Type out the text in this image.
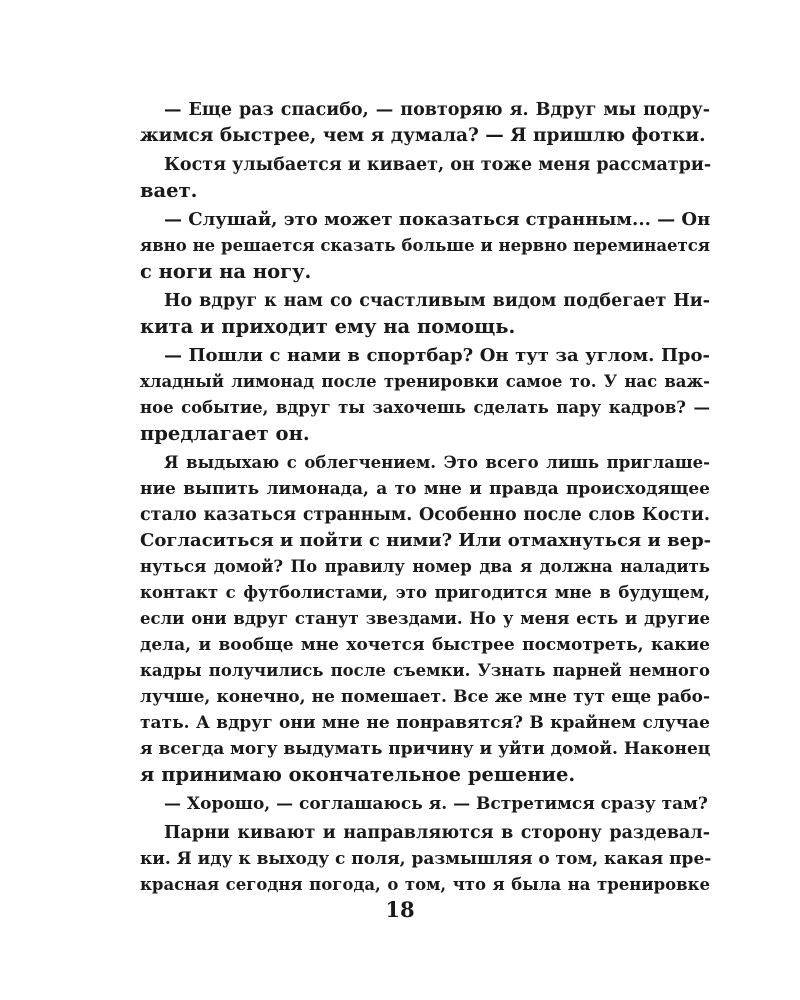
— Еще раз спасибо, — повторяю я. Вдруг мы подру-
жимся быстрее, чем я думала? — Я пришлю фотки.
Костя улыбается и кивает, он тоже меня рассматри-
вает.
— Слушай, это может показаться странным... — Он
явно не решается сказать больше и нервно переминается
с ноги на ногу.
Но вдруг к нам со счастливым видом подбегает Ни-
кита и приходит ему на помощь.
— Пошли с нами в спортбар? Он тут за углом. Про-
хладный лимонад после тренировки самое то. У нас важ-
ное событие, вдруг ты захочешь сделать пару кадров? —
предлагает он.
Я выдыхаю с облегчением. Это всего лишь приглаше-
ние выпить лимонада, а то мне и правда происходящее
стало казаться странным. Особенно после слов Кости.
Согласиться и пойти с ними? Или отмахнуться и вер-
нуться домой? По правилу номер два я должна наладить
контакт с футболистами, это пригодится мне в будущем,
если они вдруг станут звездами. Но у меня есть и другие
дела, и вообще мне хочется быстрее посмотреть, какие
кадры получились после съемки. Узнать парней немного
лучше, конечно, не помешает. Все же мне тут еще рабо-
тать. А вдруг они мне не понравятся? В крайнем случае
я всегда могу выдумать причину и уйти домой. Наконец
я принимаю окончательное решение.
— Хорошо, — соглашаюсь я. — Встретимся сразу там?
Парни кивают и направляются в сторону раздевал-
ки. Я иду к выходу с поля, размышляя о том, какая пре-
красная сегодня погода, о том, что я была на тренировке
18
